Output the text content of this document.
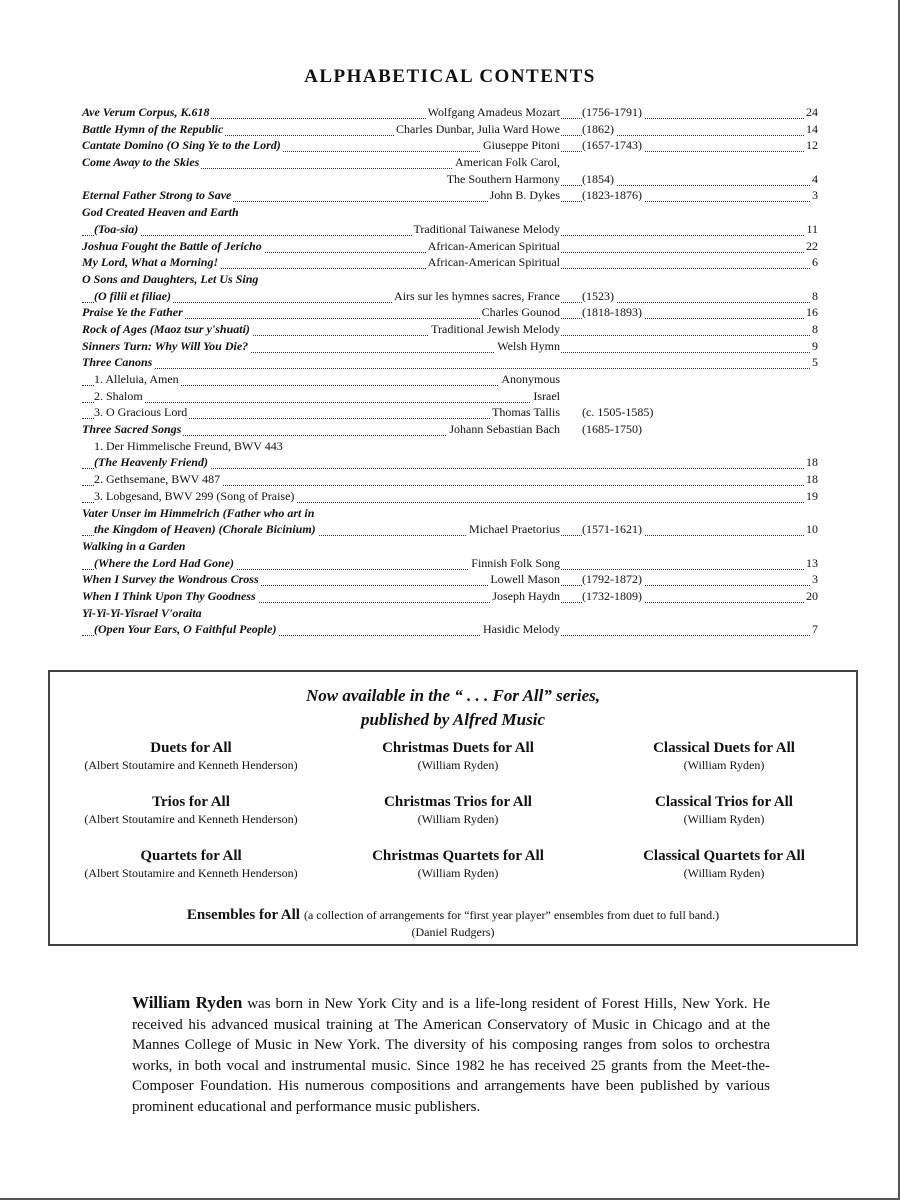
ALPHABETICAL CONTENTS
Ave Verum Corpus, K.618	Wolfgang Amadeus Mozart (1756-1791)	24
Battle Hymn of the Republic	Charles Dunbar, Julia Ward Howe (1862)	14
Cantate Domino (O Sing Ye to the Lord)	Giuseppe Pitoni (1657-1743)	12
Come Away to the Skies	American Folk Carol,
The Southern Harmony (1854)	4
Eternal Father Strong to Save	John B. Dykes (1823-1876)	3
God Created Heaven and Earth
(Toa-sia)	Traditional Taiwanese Melody	11
Joshua Fought the Battle of Jericho	African-American Spiritual	22
My Lord, What a Morning!	African-American Spiritual	6
O Sons and Daughters, Let Us Sing
(O filii et filiae)	Airs sur les hymnes sacres, France (1523)	8
Praise Ye the Father	Charles Gounod (1818-1893)	16
Rock of Ages (Maoz tsur y'shuati)	Traditional Jewish Melody	8
Sinners Turn: Why Will You Die?	Welsh Hymn	9
Three Canons	5
1. Alleluia, Amen	Anonymous
2. Shalom	Israel
3. O Gracious Lord	Thomas Tallis (c. 1505-1585)
Three Sacred Songs	Johann Sebastian Bach (1685-1750)
1. Der Himmelische Freund, BWV 443
(The Heavenly Friend)	18
2. Gethsemane, BWV 487	18
3. Lobgesand, BWV 299 (Song of Praise)	19
Vater Unser im Himmelrich (Father who art in
the Kingdom of Heaven) (Chorale Bicinium)	Michael Praetorius (1571-1621)	10
Walking in a Garden
(Where the Lord Had Gone)	Finnish Folk Song	13
When I Survey the Wondrous Cross	Lowell Mason (1792-1872)	3
When I Think Upon Thy Goodness	Joseph Haydn (1732-1809)	20
Yi-Yi-Yi-Yisrael V'oraita
(Open Your Ears, O Faithful People)	Hasidic Melody	7
Now available in the “ . . . For All” series,
published by Alfred Music
Duets for All
(Albert Stoutamire and Kenneth Henderson)
Christmas Duets for All
(William Ryden)
Classical Duets for All
(William Ryden)
Trios for All
(Albert Stoutamire and Kenneth Henderson)
Christmas Trios for All
(William Ryden)
Classical Trios for All
(William Ryden)
Quartets for All
(Albert Stoutamire and Kenneth Henderson)
Christmas Quartets for All
(William Ryden)
Classical Quartets for All
(William Ryden)
Ensembles for All (a collection of arrangements for “first year player” ensembles from duet to full band.)
(Daniel Rudgers)
William Ryden was born in New York City and is a life-long resident of Forest Hills, New York. He received his advanced musical training at The American Conservatory of Music in Chicago and at the Mannes College of Music in New York. The diversity of his composing ranges from solos to orchestra works, in both vocal and instrumental music. Since 1982 he has received 25 grants from the Meet-the-Composer Foundation. His numerous compositions and arrangements have been published by various prominent educational and performance music publishers.
